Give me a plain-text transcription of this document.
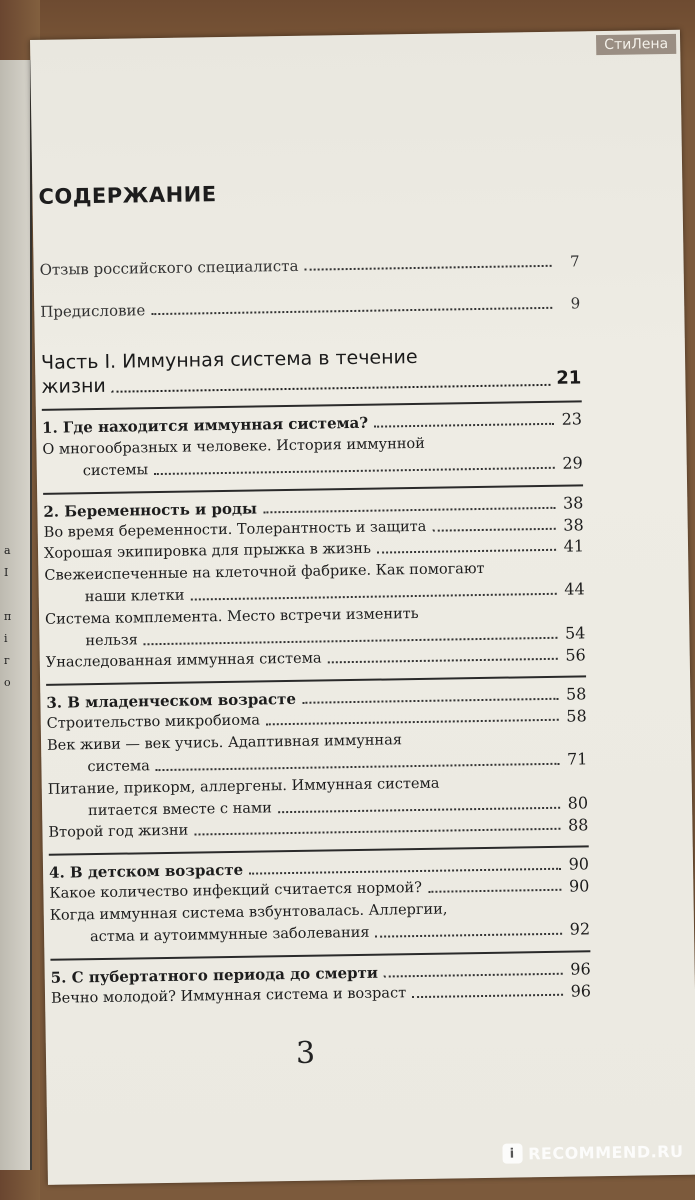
а
І

п
і
г
о
СОДЕРЖАНИЕ
Отзыв российского специалиста	7
Предисловие	9
Часть I. Иммунная система в течение
жизни	21
1. Где находится иммунная система?	23
О многообразных и человеке. История иммунной
системы	29
2. Беременность и роды	38
Во время беременности. Толерантность и защита	38
Хорошая экипировка для прыжка в жизнь	41
Свежеиспеченные на клеточной фабрике. Как помогают
наши клетки	44
Система комплемента. Место встречи изменить
нельзя	54
Унаследованная иммунная система	56
3. В младенческом возрасте	58
Строительство микробиома	58
Век живи — век учись. Адаптивная иммунная
система	71
Питание, прикорм, аллергены. Иммунная система
питается вместе с нами	80
Второй год жизни	88
4. В детском возрасте	90
Какое количество инфекций считается нормой?	90
Когда иммунная система взбунтовалась. Аллергии,
астма и аутоиммунные заболевания	92
5. С пубертатного периода до смерти	96
Вечно молодой? Иммунная система и возраст	96
3
СтиЛена
i RECOMMEND.RU
